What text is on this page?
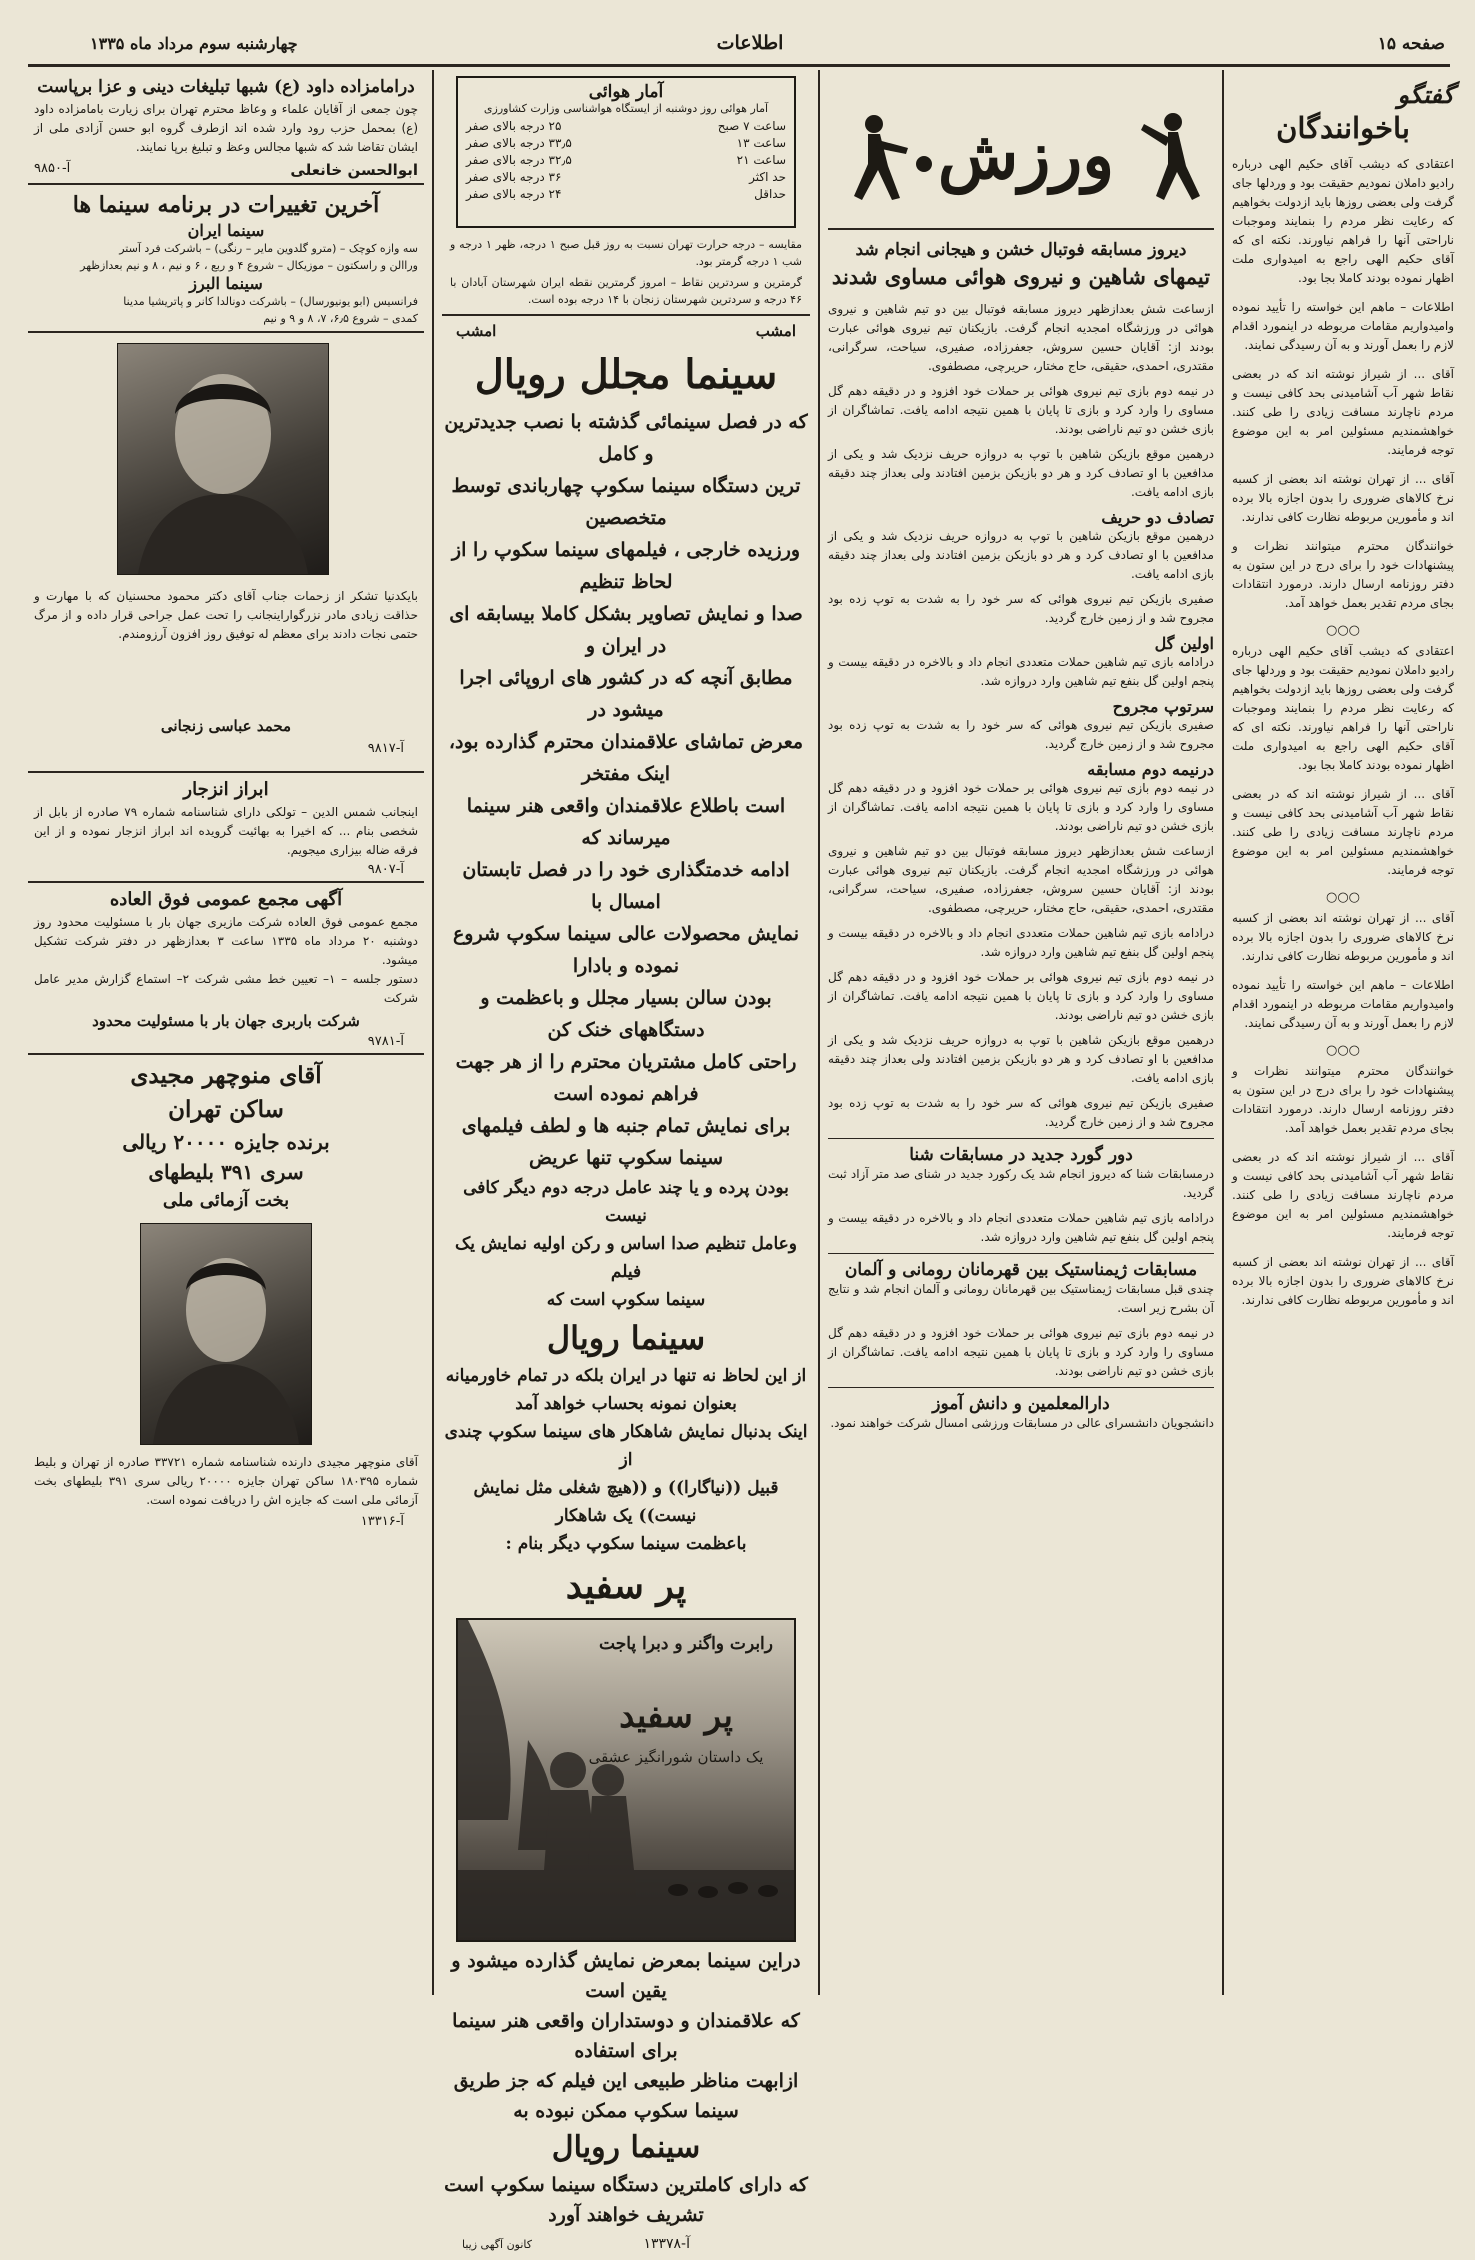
صفحه ۱۵
اطلاعات
چهارشنبه سوم مرداد ماه ۱۳۳۵
گفتگو
باخوانندگان
اعتقادی که دیشب آقای حکیم الهی درباره رادیو داملان نمودیم حقیقت بود و وردلها جای گرفت ولی بعضی روزها باید ازدولت بخواهیم که رعایت نظر مردم را بنمایند وموجبات ناراحتی آنها را فراهم نیاورند. نکته ای که آقای حکیم الهی راجع به امیدواری ملت اظهار نموده بودند کاملا بجا بود.
اطلاعات – ماهم این خواسته را تأیید نموده وامیدواریم مقامات مربوطه در اینمورد اقدام لازم را بعمل آورند و به آن رسیدگی نمایند.
آقای ... از شیراز نوشته اند که در بعضی نقاط شهر آب آشامیدنی بحد کافی نیست و مردم ناچارند مسافت زیادی را طی کنند. خواهشمندیم مسئولین امر به این موضوع توجه فرمایند.
آقای ... از تهران نوشته اند بعضی از کسبه نرخ کالاهای ضروری را بدون اجازه بالا برده اند و مأمورین مربوطه نظارت کافی ندارند.
خوانندگان محترم میتوانند نظرات و پیشنهادات خود را برای درج در این ستون به دفتر روزنامه ارسال دارند. درمورد انتقادات بجای مردم تقدیر بعمل خواهد آمد.
○○○
اعتقادی که دیشب آقای حکیم الهی درباره رادیو داملان نمودیم حقیقت بود و وردلها جای گرفت ولی بعضی روزها باید ازدولت بخواهیم که رعایت نظر مردم را بنمایند وموجبات ناراحتی آنها را فراهم نیاورند. نکته ای که آقای حکیم الهی راجع به امیدواری ملت اظهار نموده بودند کاملا بجا بود.
آقای ... از شیراز نوشته اند که در بعضی نقاط شهر آب آشامیدنی بحد کافی نیست و مردم ناچارند مسافت زیادی را طی کنند. خواهشمندیم مسئولین امر به این موضوع توجه فرمایند.
○○○
آقای ... از تهران نوشته اند بعضی از کسبه نرخ کالاهای ضروری را بدون اجازه بالا برده اند و مأمورین مربوطه نظارت کافی ندارند.
اطلاعات – ماهم این خواسته را تأیید نموده وامیدواریم مقامات مربوطه در اینمورد اقدام لازم را بعمل آورند و به آن رسیدگی نمایند.
○○○
خوانندگان محترم میتوانند نظرات و پیشنهادات خود را برای درج در این ستون به دفتر روزنامه ارسال دارند. درمورد انتقادات بجای مردم تقدیر بعمل خواهد آمد.
آقای ... از شیراز نوشته اند که در بعضی نقاط شهر آب آشامیدنی بحد کافی نیست و مردم ناچارند مسافت زیادی را طی کنند. خواهشمندیم مسئولین امر به این موضوع توجه فرمایند.
آقای ... از تهران نوشته اند بعضی از کسبه نرخ کالاهای ضروری را بدون اجازه بالا برده اند و مأمورین مربوطه نظارت کافی ندارند.
ورزش
دیروز مسابقه فوتبال خشن و هیجانی انجام شد
تیمهای شاهین و نیروی هوائی مساوی شدند
ازساعت شش بعدازظهر دیروز مسابقه فوتبال بین دو تیم شاهین و نیروی هوائی در ورزشگاه امجدیه انجام گرفت. بازیکنان تیم نیروی هوائی عبارت بودند از: آقایان حسین سروش، جعفرزاده، صفیری، سیاحت، سرگرانی، مقتدری، احمدی، حقیقی، حاج مختار، حریرچی، مصطفوی.
در نیمه دوم بازی تیم نیروی هوائی بر حملات خود افزود و در دقیقه دهم گل مساوی را وارد کرد و بازی تا پایان با همین نتیجه ادامه یافت. تماشاگران از بازی خشن دو تیم ناراضی بودند.
درهمین موقع بازیکن شاهین با توپ به دروازه حریف نزدیک شد و یکی از مدافعین با او تصادف کرد و هر دو بازیکن بزمین افتادند ولی بعداز چند دقیقه بازی ادامه یافت.
تصادف دو حریف
درهمین موقع بازیکن شاهین با توپ به دروازه حریف نزدیک شد و یکی از مدافعین با او تصادف کرد و هر دو بازیکن بزمین افتادند ولی بعداز چند دقیقه بازی ادامه یافت.
صفیری بازیکن تیم نیروی هوائی که سر خود را به شدت به توپ زده بود مجروح شد و از زمین خارج گردید.
اولین گل
درادامه بازی تیم شاهین حملات متعددی انجام داد و بالاخره در دقیقه بیست و پنجم اولین گل بنفع تیم شاهین وارد دروازه شد.
سرتوپ مجروح
صفیری بازیکن تیم نیروی هوائی که سر خود را به شدت به توپ زده بود مجروح شد و از زمین خارج گردید.
درنیمه دوم مسابقه
در نیمه دوم بازی تیم نیروی هوائی بر حملات خود افزود و در دقیقه دهم گل مساوی را وارد کرد و بازی تا پایان با همین نتیجه ادامه یافت. تماشاگران از بازی خشن دو تیم ناراضی بودند.
ازساعت شش بعدازظهر دیروز مسابقه فوتبال بین دو تیم شاهین و نیروی هوائی در ورزشگاه امجدیه انجام گرفت. بازیکنان تیم نیروی هوائی عبارت بودند از: آقایان حسین سروش، جعفرزاده، صفیری، سیاحت، سرگرانی، مقتدری، احمدی، حقیقی، حاج مختار، حریرچی، مصطفوی.
درادامه بازی تیم شاهین حملات متعددی انجام داد و بالاخره در دقیقه بیست و پنجم اولین گل بنفع تیم شاهین وارد دروازه شد.
در نیمه دوم بازی تیم نیروی هوائی بر حملات خود افزود و در دقیقه دهم گل مساوی را وارد کرد و بازی تا پایان با همین نتیجه ادامه یافت. تماشاگران از بازی خشن دو تیم ناراضی بودند.
درهمین موقع بازیکن شاهین با توپ به دروازه حریف نزدیک شد و یکی از مدافعین با او تصادف کرد و هر دو بازیکن بزمین افتادند ولی بعداز چند دقیقه بازی ادامه یافت.
صفیری بازیکن تیم نیروی هوائی که سر خود را به شدت به توپ زده بود مجروح شد و از زمین خارج گردید.
دور گورد جدید در مسابقات شنا
درمسابقات شنا که دیروز انجام شد یک رکورد جدید در شنای صد متر آزاد ثبت گردید.
درادامه بازی تیم شاهین حملات متعددی انجام داد و بالاخره در دقیقه بیست و پنجم اولین گل بنفع تیم شاهین وارد دروازه شد.
مسابقات ژیمناستیک بین قهرمانان رومانی و آلمان
چندی قبل مسابقات ژیمناستیک بین قهرمانان رومانی و آلمان انجام شد و نتایج آن بشرح زیر است.
در نیمه دوم بازی تیم نیروی هوائی بر حملات خود افزود و در دقیقه دهم گل مساوی را وارد کرد و بازی تا پایان با همین نتیجه ادامه یافت. تماشاگران از بازی خشن دو تیم ناراضی بودند.
دارالمعلمین و دانش آموز
دانشجویان دانشسرای عالی در مسابقات ورزشی امسال شرکت خواهند نمود.
آمار هوائی
آمار هوائی روز دوشنبه از ایستگاه هواشناسی وزارت کشاورزی
ساعت ۷ صبح
۲۵ درجه بالای صفر
ساعت ۱۳
۳۳٫۵ درجه بالای صفر
ساعت ۲۱
۳۲٫۵ درجه بالای صفر
حد اکثر
۳۶ درجه بالای صفر
حداقل
۲۴ درجه بالای صفر
مقایسه – درجه حرارت تهران نسبت به روز قبل صبح ۱ درجه، ظهر ۱ درجه و شب ۱ درجه گرمتر بود.
گرمترین و سردترین نقاط – امروز گرمترین نقطه ایران شهرستان آبادان با ۴۶ درجه و سردترین شهرستان زنجان با ۱۴ درجه بوده است.
امشب
امشب
سینما مجلل رویال
که در فصل سینمائی گذشته با نصب جدیدترین و کامل
ترین دستگاه سینما سکوپ چهارباندی توسط متخصصین
ورزیده خارجی ، فیلمهای سینما سکوپ را از لحاظ تنظیم
صدا و نمایش تصاویر بشکل کاملا بیسابقه ای در ایران و
مطابق آنچه که در کشور های اروپائی اجرا میشود در
معرض تماشای علاقمندان محترم گذارده بود، اینک مفتخر
است باطلاع علاقمندان واقعی هنر سینما میرساند که
ادامه خدمتگذاری خود را در فصل تابستان امسال با
نمایش محصولات عالی سینما سکوپ شروع نموده و بادارا
بودن سالن بسیار مجلل و باعظمت و دستگاههای خنک کن
راحتی کامل مشتریان محترم را از هر جهت فراهم نموده است
برای نمایش تمام جنبه ها و لطف فیلمهای سینما سکوپ تنها عریض
بودن پرده و یا چند عامل درجه دوم دیگر کافی نیست
وعامل تنظیم صدا اساس و رکن اولیه نمایش یک فیلم
سینما سکوپ است که
سینما رویال
از این لحاظ نه تنها در ایران بلکه در تمام خاورمیانه
بعنوان نمونه بحساب خواهد آمد
اینک بدنبال نمایش شاهکار های سینما سکوپ چندی از
قبیل ((نیاگارا)) و ((هیچ شغلی مثل نمایش نیست)) یک شاهکار
باعظمت سینما سکوپ دیگر بنام :
پر سفید
رابرت واگنر و دبرا پاجت
پر سفید
یک داستان شورانگیز عشقی
دراین سینما بمعرض نمایش گذارده میشود و یقین است
که علاقمندان و دوستداران واقعی هنر سینما برای استفاده
ازابهت مناظر طبیعی این فیلم که جز طریق
سینما سکوپ ممکن نبوده به
سینما رویال
که دارای کاملترین دستگاه سینما سکوپ است
تشریف خواهند آورد
آ-۱۳۳۷۸
کانون آگهی زیبا
درامامزاده داود (ع) شبها تبلیغات دینی و عزا برپاست
چون جمعی از آقایان علماء و وعاظ محترم تهران برای زیارت بامامزاده داود (ع) بمحمل حزب رود وارد شده اند ازطرف گروه ابو حسن آزادی ملی از ایشان تقاضا شد که شبها مجالس وعظ و تبلیغ برپا نمایند.
ابوالحسن خانعلی
آ-۹۸۵۰
آخرین تغییرات در برنامه سینما ها
سینما ایران
سه وازه کوچک – (مترو گلدوین مایر – رنگی) – باشرکت فرد آستر
وراالن و راسکتون – موزیکال – شروع ۴ و ربع ، ۶ و نیم ، ۸ و نیم بعدازظهر
سینما البرز
فرانسیس (ابو یونیورسال) – باشرکت دونالدا کانر و پاتریشیا مدینا
کمدی – شروع ۶٫۵، ۷، ۸ و ۹ و نیم
بایکدنیا تشکر از زحمات جناب آقای دکتر محمود محسنیان که با مهارت و حذاقت زیادی مادر نزرگواراینجانب را تحت عمل جراحی قرار داده و از مرگ حتمی نجات دادند برای معظم له توفیق روز افزون آرزومندم.
محمد عباسی زنجانی
آ-۹۸۱۷
ابراز انزجار
اینجانب شمس الدین – تولکی دارای شناسنامه شماره ۷۹ صادره از بابل از شخصی بنام ... که اخیرا به بهائیت گرویده اند ابراز انزجار نموده و از این فرقه ضاله بیزاری میجویم.
آ-۹۸۰۷
آگهی مجمع عمومی فوق العاده
مجمع عمومی فوق العاده شرکت مازیری جهان بار با مسئولیت محدود روز دوشنبه ۲۰ مرداد ماه ۱۳۳۵ ساعت ۳ بعدازظهر در دفتر شرکت تشکیل میشود.
دستور جلسه – ۱– تعیین خط مشی شرکت ۲– استماع گزارش مدیر عامل شرکت
شرکت باربری جهان بار با مسئولیت محدود
آ-۹۷۸۱
آقای منوچهر مجیدی
ساکن تهران
برنده جایزه ۲۰۰۰۰ ریالی
سری ۳۹۱ بلیطهای
بخت آزمائی ملی
آقای منوچهر مجیدی دارنده شناسنامه شماره ۳۳۷۲۱ صادره از تهران و بلیط شماره ۱۸۰۳۹۵ ساکن تهران جایزه ۲۰۰۰۰ ریالی سری ۳۹۱ بلیطهای بخت آزمائی ملی است که جایزه اش را دریافت نموده است.
آ-۱۳۳۱۶
